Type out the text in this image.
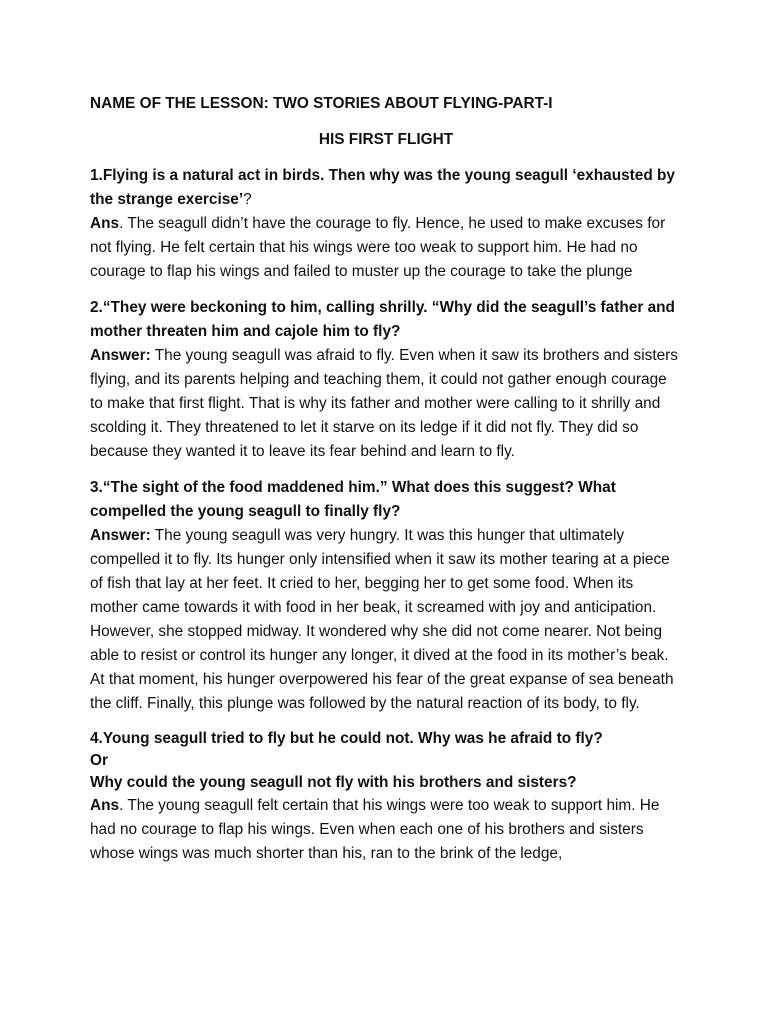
NAME OF THE LESSON: TWO STORIES ABOUT FLYING-PART-I

HIS FIRST FLIGHT

1.Flying is a natural act in birds. Then why was the young seagull ‘exhausted by the strange exercise’?

Ans. The seagull didn’t have the courage to fly. Hence, he used to make excuses for not flying. He felt certain that his wings were too weak to support him. He had no courage to flap his wings and failed to muster up the courage to take the plunge

2.“They were beckoning to him, calling shrilly. “Why did the seagull’s father and mother threaten him and cajole him to fly?

Answer: The young seagull was afraid to fly. Even when it saw its brothers and sisters flying, and its parents helping and teaching them, it could not gather enough courage to make that first flight. That is why its father and mother were calling to it shrilly and scolding it. They threatened to let it starve on its ledge if it did not fly. They did so because they wanted it to leave its fear behind and learn to fly.

3.“The sight of the food maddened him.” What does this suggest? What compelled the young seagull to finally fly?

Answer: The young seagull was very hungry. It was this hunger that ultimately compelled it to fly. Its hunger only intensified when it saw its mother tearing at a piece of fish that lay at her feet. It cried to her, begging her to get some food. When its mother came towards it with food in her beak, it screamed with joy and anticipation. However, she stopped midway. It wondered why she did not come nearer. Not being able to resist or control its hunger any longer, it dived at the food in its mother’s beak. At that moment, his hunger overpowered his fear of the great expanse of sea beneath the cliff. Finally, this plunge was followed by the natural reaction of its body, to fly.

4.Young seagull tried to fly but he could not. Why was he afraid to fly?

Or

Why could the young seagull not fly with his brothers and sisters?

Ans. The young seagull felt certain that his wings were too weak to support him. He had no courage to flap his wings. Even when each one of his brothers and sisters whose wings was much shorter than his, ran to the brink of the ledge,
